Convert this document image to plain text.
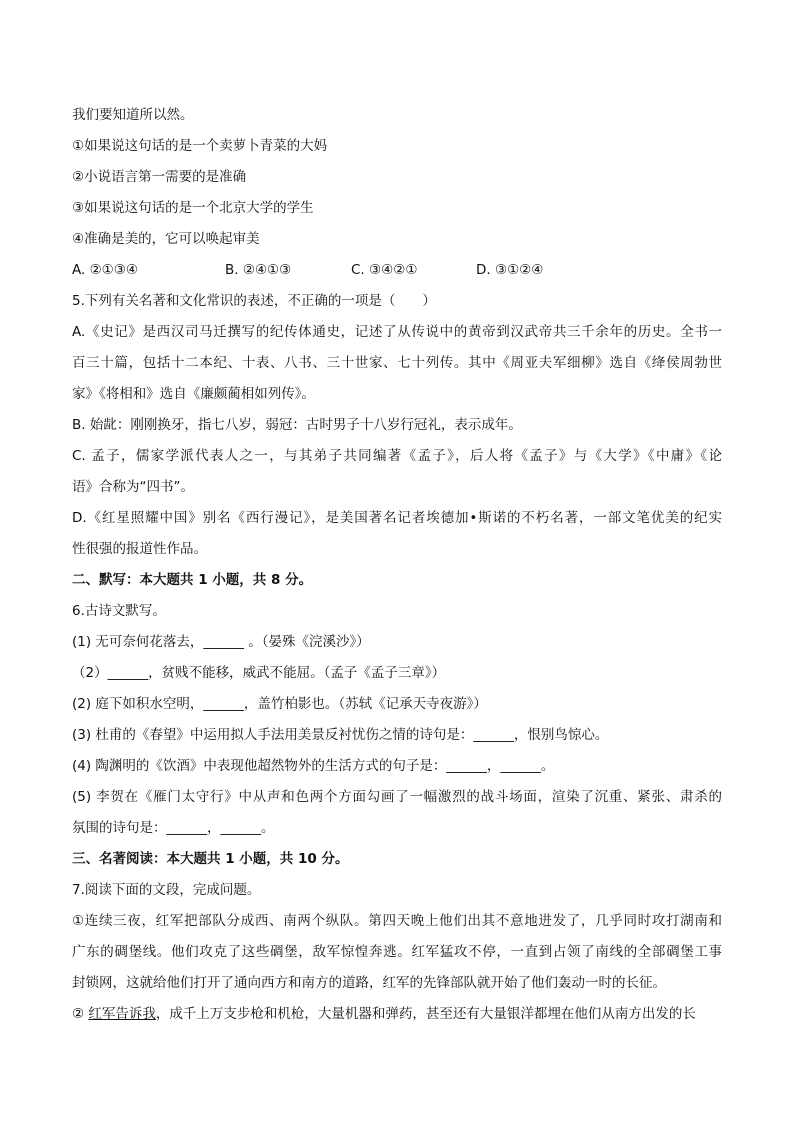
我们要知道所以然。
①如果说这句话的是一个卖萝卜青菜的大妈
②小说语言第一需要的是准确
③如果说这句话的是一个北京大学的学生
④准确是美的，它可以唤起审美
A. ②①③④	B. ②④①③	C. ③④②①	D. ③①②④
5.下列有关名著和文化常识的表述，不正确的一项是（　　）
A.《史记》是西汉司马迁撰写的纪传体通史，记述了从传说中的黄帝到汉武帝共三千余年的历史。全书一
百三十篇，包括十二本纪、十表、八书、三十世家、七十列传。其中《周亚夫军细柳》选自《绛侯周勃世
家》《将相和》选自《廉颇蔺相如列传》。
B. 始龀：刚刚换牙，指七八岁，弱冠：古时男子十八岁行冠礼，表示成年。
C. 孟子，儒家学派代表人之一，与其弟子共同编著《孟子》，后人将《孟子》与《大学》《中庸》《论
语》合称为“四书”。
D.《红星照耀中国》别名《西行漫记》，是美国著名记者埃德加•斯诺的不朽名著，一部文笔优美的纪实
性很强的报道性作品。
二、默写：本大题共 1 小题，共 8 分。
6.古诗文默写。
(1) 无可奈何花落去，______ 。（晏殊《浣溪沙》）
（2）______，贫贱不能移，威武不能屈。（孟子《孟子三章》）
(2) 庭下如积水空明，______，盖竹柏影也。（苏轼《记承天寺夜游》）
(3) 杜甫的《春望》中运用拟人手法用美景反衬忧伤之情的诗句是：______，恨别鸟惊心。
(4) 陶渊明的《饮酒》中表现他超然物外的生活方式的句子是：______，______。
(5) 李贺在《雁门太守行》中从声和色两个方面勾画了一幅激烈的战斗场面，渲染了沉重、紧张、肃杀的
氛围的诗句是：______，______。
三、名著阅读：本大题共 1 小题，共 10 分。
7.阅读下面的文段，完成问题。
①连续三夜，红军把部队分成西、南两个纵队。第四天晚上他们出其不意地进发了，几乎同时攻打湖南和
广东的碉堡线。他们攻克了这些碉堡，敌军惊惶奔逃。红军猛攻不停，一直到占领了南线的全部碉堡工事
封锁网，这就给他们打开了通向西方和南方的道路，红军的先锋部队就开始了他们轰动一时的长征。
② 红军告诉我，成千上万支步枪和机枪，大量机器和弹药，甚至还有大量银洋都埋在他们从南方出发的长
